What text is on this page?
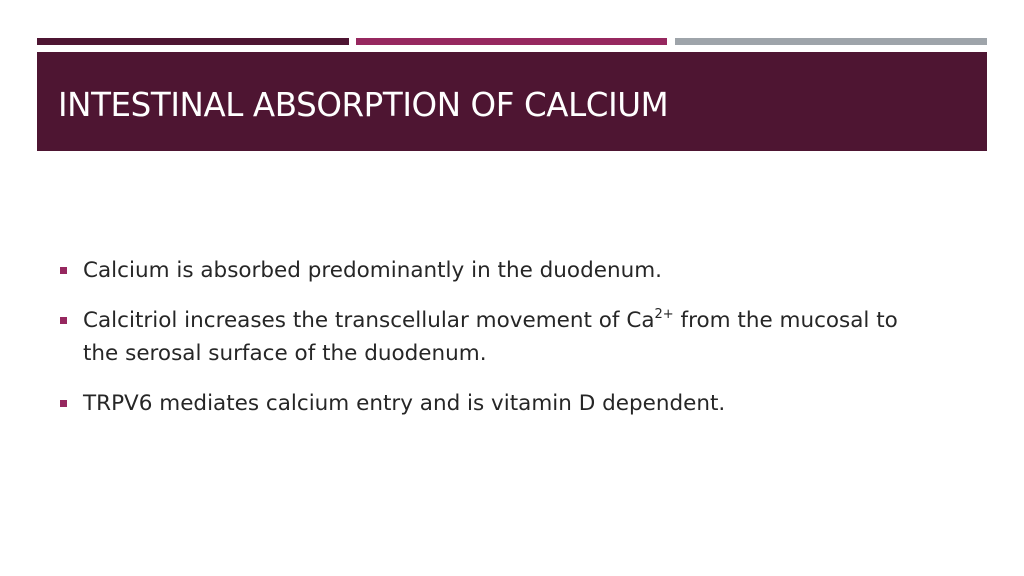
INTESTINAL ABSORPTION OF CALCIUM
Calcium is absorbed predominantly in the duodenum.
Calcitriol increases the transcellular movement of $Ca^{2+}$ from the mucosal to the serosal surface of the duodenum.
TRPV6 mediates calcium entry and is vitamin D dependent.
